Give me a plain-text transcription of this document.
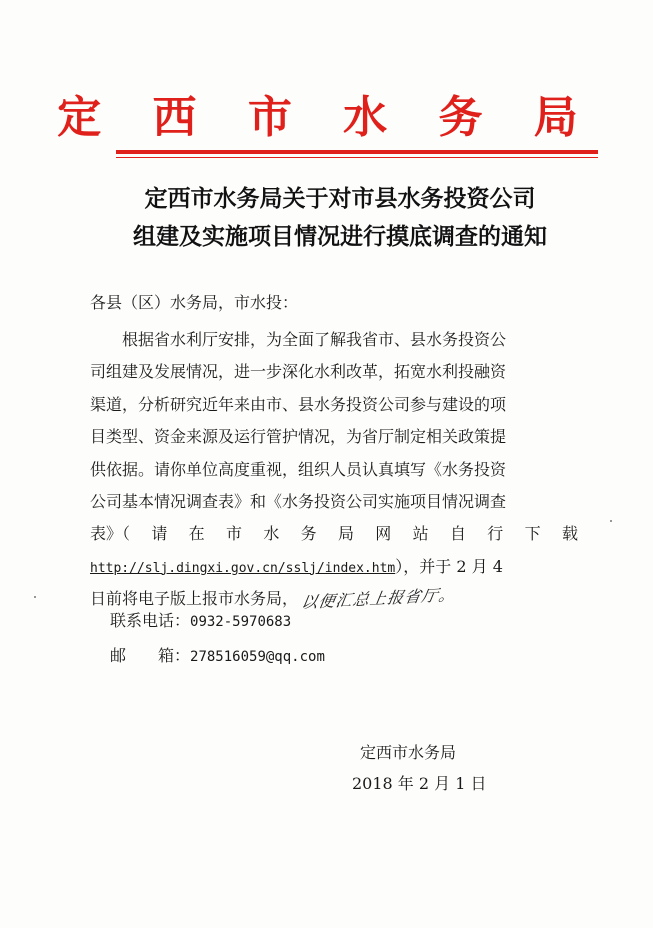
定 西 市 水 务 局
定西市水务局关于对市县水务投资公司
组建及实施项目情况进行摸底调查的通知
各县（区）水务局，市水投：
　　根据省水利厅安排，为全面了解我省市、县水务投资公
司组建及发展情况，进一步深化水利改革，拓宽水利投融资
渠道，分析研究近年来由市、县水务投资公司参与建设的项
目类型、资金来源及运行管护情况，为省厅制定相关政策提
供依据。请你单位高度重视，组织人员认真填写《水务投资
公司基本情况调查表》和《水务投资公司实施项目情况调查
表》（ 请 在 市 水 务 局 网 站 自 行 下 载
http://slj.dingxi.gov.cn/sslj/index.htm），并于 2 月 4
日前将电子版上报市水务局， 以便汇总上报省厅。
联系电话：0932-5970683
邮　　箱：278516059@qq.com
定西市水务局
2018 年 2 月 1 日
